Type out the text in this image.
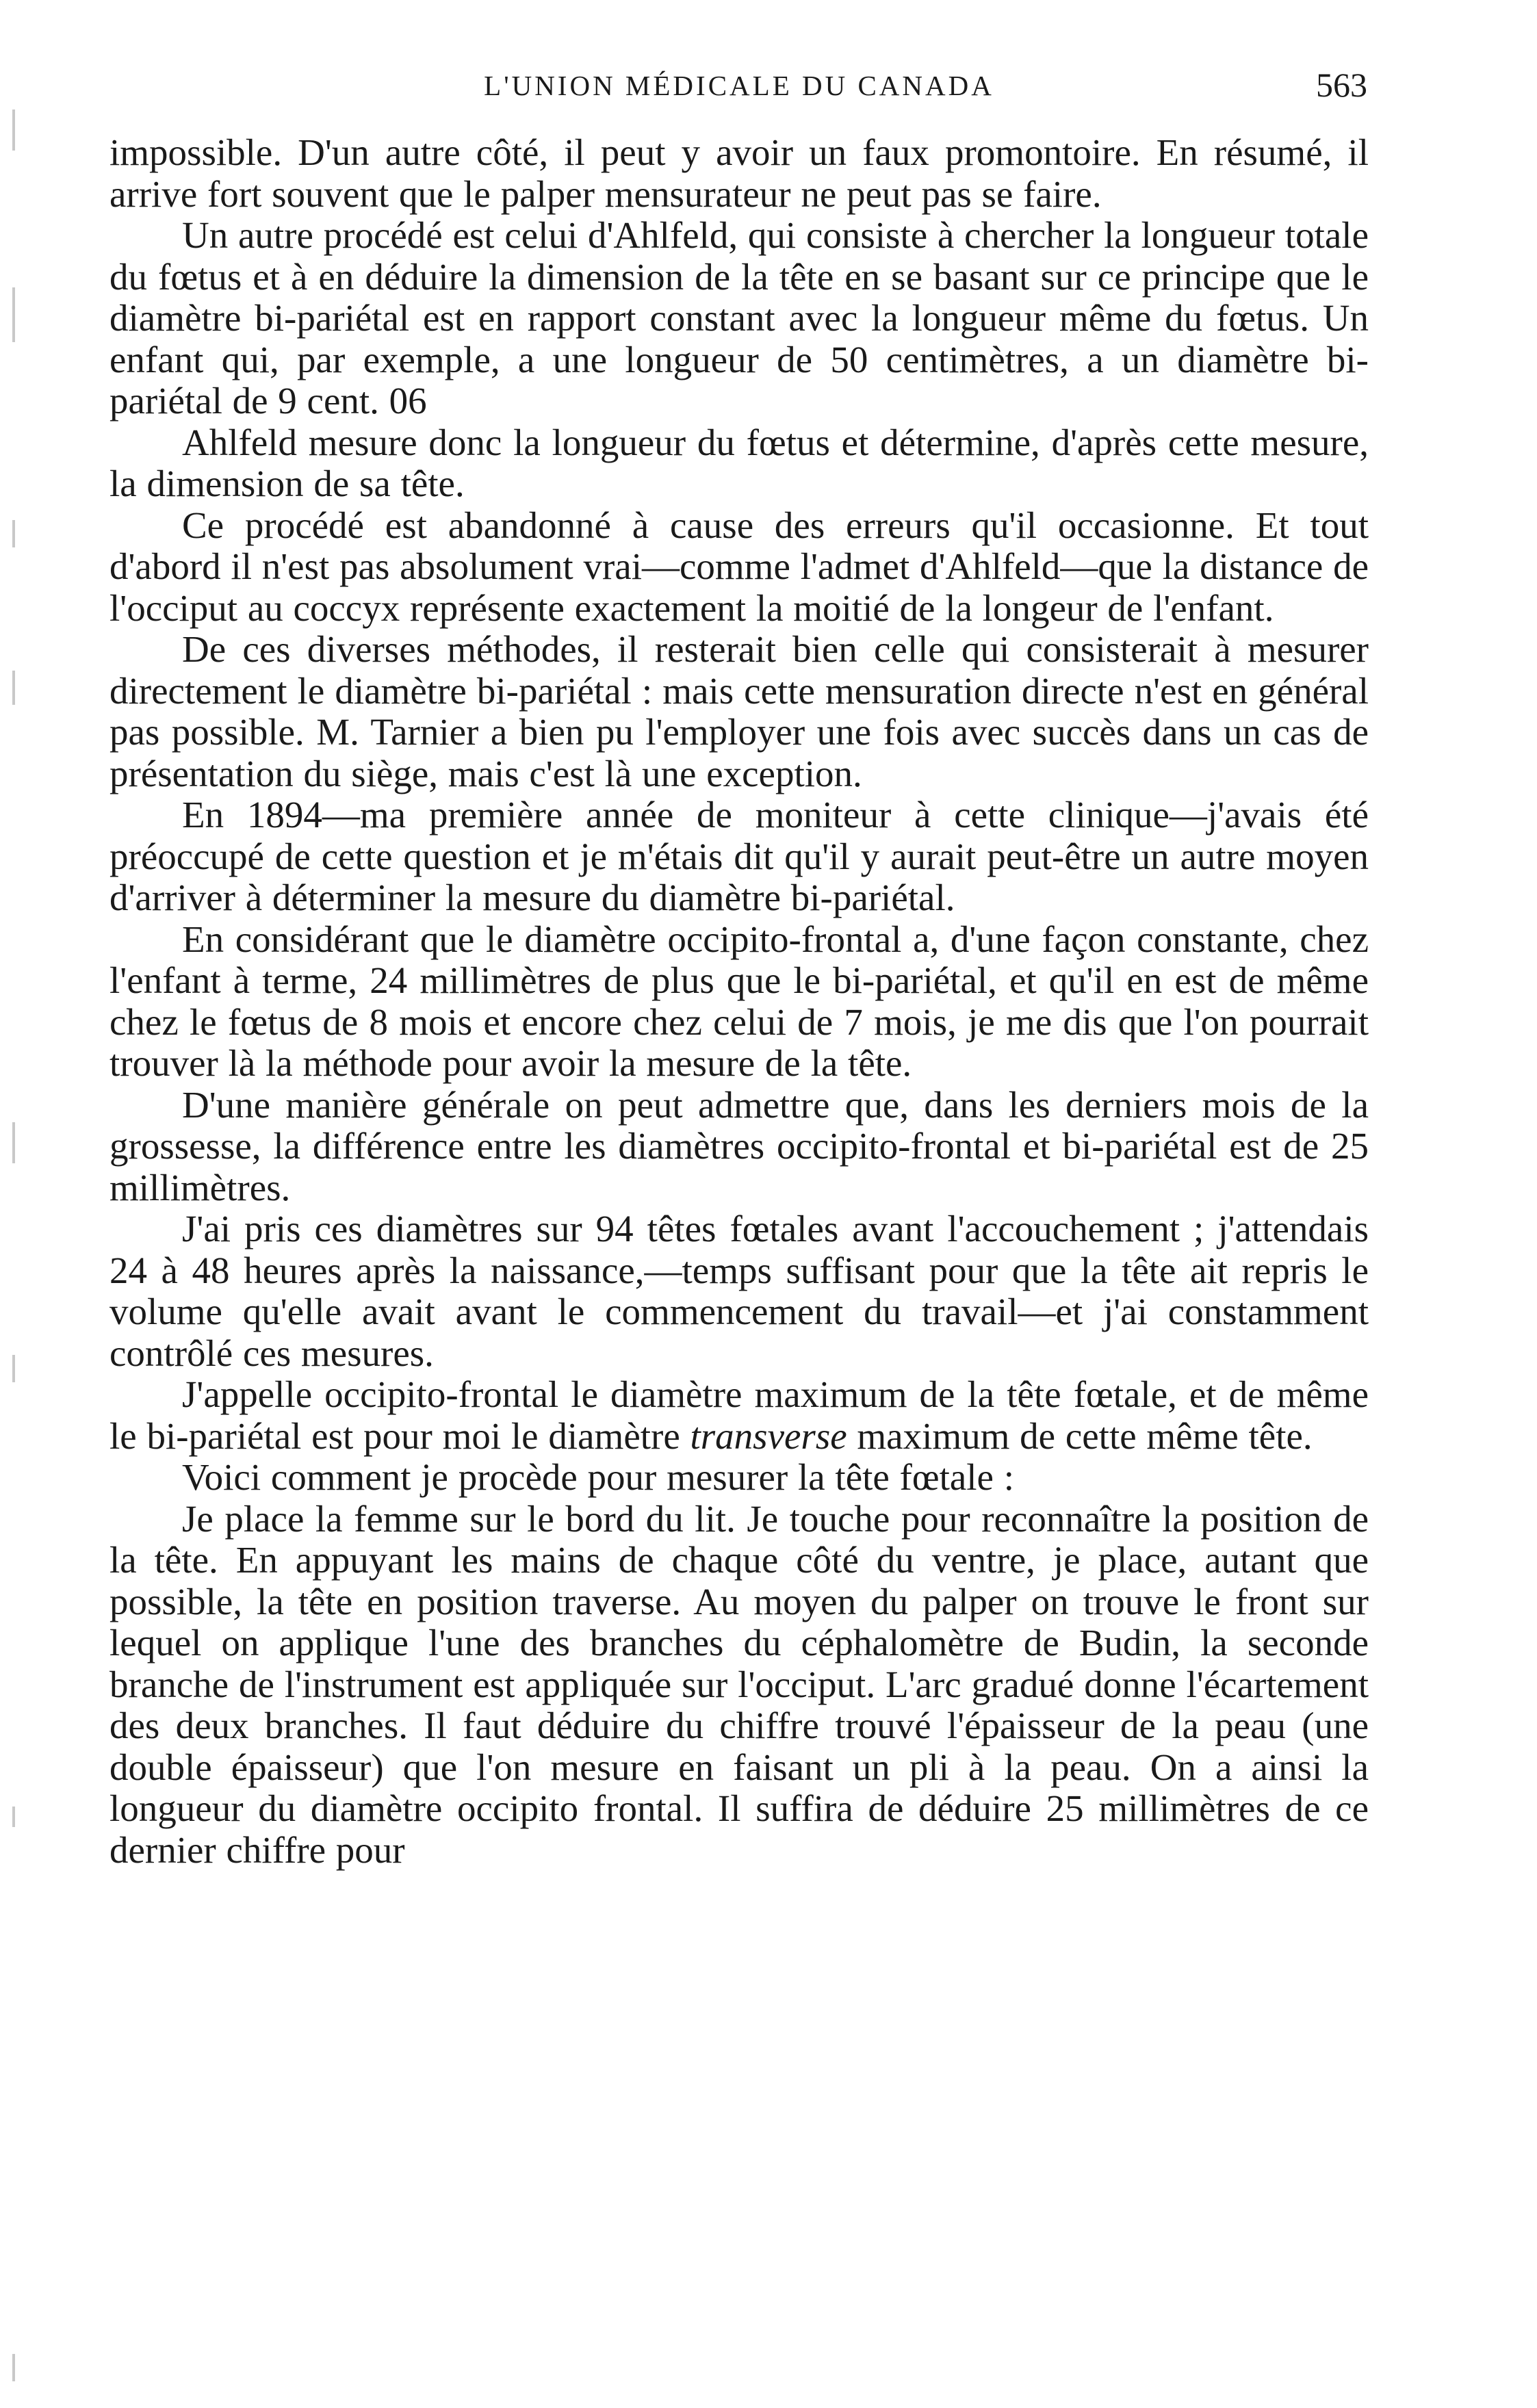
L'UNION MÉDICALE DU CANADA	563

impossible. D'un autre côté, il peut y avoir un faux promontoire. En résumé, il arrive fort souvent que le palper mensurateur ne peut pas se faire.

Un autre procédé est celui d'Ahlfeld, qui consiste à chercher la longueur totale du fœtus et à en déduire la dimension de la tête en se basant sur ce principe que le diamètre bi-pariétal est en rapport constant avec la longueur même du fœtus. Un enfant qui, par exemple, a une longueur de 50 centimètres, a un diamètre bi-pariétal de 9 cent. 06

Ahlfeld mesure donc la longueur du fœtus et détermine, d'après cette mesure, la dimension de sa tête.

Ce procédé est abandonné à cause des erreurs qu'il occasionne. Et tout d'abord il n'est pas absolument vrai—comme l'admet d'Ahlfeld—que la distance de l'occiput au coccyx représente exactement la moitié de la longeur de l'enfant.

De ces diverses méthodes, il resterait bien celle qui consisterait à mesurer directement le diamètre bi-pariétal : mais cette mensuration directe n'est en général pas possible. M. Tarnier a bien pu l'employer une fois avec succès dans un cas de présentation du siège, mais c'est là une exception.

En 1894—ma première année de moniteur à cette clinique—j'avais été préoccupé de cette question et je m'étais dit qu'il y aurait peut-être un autre moyen d'arriver à déterminer la mesure du diamètre bi-pariétal.

En considérant que le diamètre occipito-frontal a, d'une façon constante, chez l'enfant à terme, 24 millimètres de plus que le bi-pariétal, et qu'il en est de même chez le fœtus de 8 mois et encore chez celui de 7 mois, je me dis que l'on pourrait trouver là la méthode pour avoir la mesure de la tête.

D'une manière générale on peut admettre que, dans les derniers mois de la grossesse, la différence entre les diamètres occipito-frontal et bi-pariétal est de 25 millimètres.

J'ai pris ces diamètres sur 94 têtes fœtales avant l'accouchement ; j'attendais 24 à 48 heures après la naissance,—temps suffisant pour que la tête ait repris le volume qu'elle avait avant le commencement du travail—et j'ai constamment contrôlé ces mesures.

J'appelle occipito-frontal le diamètre maximum de la tête fœtale, et de même le bi-pariétal est pour moi le diamètre transverse maximum de cette même tête.

Voici comment je procède pour mesurer la tête fœtale :

Je place la femme sur le bord du lit. Je touche pour reconnaître la position de la tête. En appuyant les mains de chaque côté du ventre, je place, autant que possible, la tête en position traverse. Au moyen du palper on trouve le front sur lequel on applique l'une des branches du céphalomètre de Budin, la seconde branche de l'instrument est appliquée sur l'occiput. L'arc gradué donne l'écartement des deux branches. Il faut déduire du chiffre trouvé l'épaisseur de la peau (une double épaisseur) que l'on mesure en faisant un pli à la peau. On a ainsi la longueur du diamètre occipito frontal. Il suffira de déduire 25 millimètres de ce dernier chiffre pour
